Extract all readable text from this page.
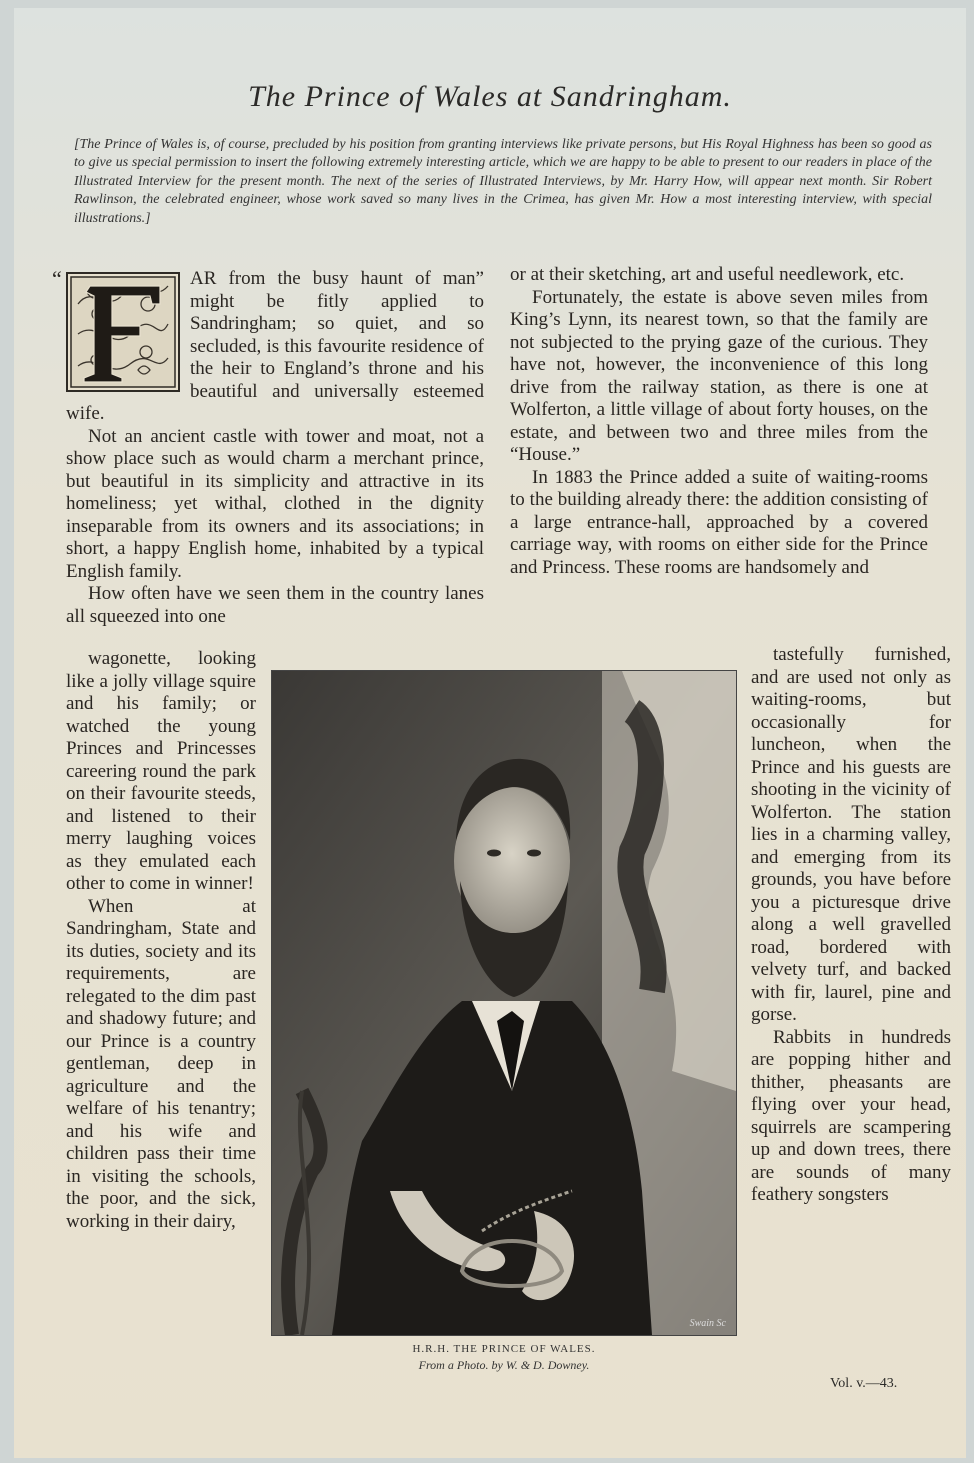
The Prince of Wales at Sandringham.
[The Prince of Wales is, of course, precluded by his position from granting interviews like private persons, but His Royal Highness has been so good as to give us special permission to insert the following extremely interesting article, which we are happy to be able to present to our readers in place of the Illustrated Interview for the present month. The next of the series of Illustrated Interviews, by Mr. Harry How, will appear next month. Sir Robert Rawlinson, the celebrated engineer, whose work saved so many lives in the Crimea, has given Mr. How a most interesting interview, with special illustrations.]
“	AR from the busy haunt of man” might be fitly applied to Sandringham; so quiet, and so secluded, is this favourite residence of the heir to England’s throne and his beautiful and universally esteemed wife.

Not an ancient castle with tower and moat, not a show place such as would charm a merchant prince, but beautiful in its simplicity and attractive in its homeliness; yet withal, clothed in the dignity inseparable from its owners and its associations; in short, a happy English home, inhabited by a typical English family.

How often have we seen them in the country lanes all squeezed into one

wagonette, looking like a jolly village squire and his family; or watched the young Princes and Princesses careering round the park on their favourite steeds, and listened to their merry laughing voices as they emulated each other to come in winner!

When at Sandringham, State and its duties, society and its requirements, are relegated to the dim past and shadowy future; and our Prince is a country gentleman, deep in agriculture and the welfare of his tenantry; and his wife and children pass their time in visiting the schools, the poor, and the sick, working in their dairy,

or at their sketching, art and useful needlework, etc.

Fortunately, the estate is above seven miles from King’s Lynn, its nearest town, so that the family are not subjected to the prying gaze of the curious. They have not, however, the inconvenience of this long drive from the railway station, as there is one at Wolferton, a little village of about forty houses, on the estate, and between two and three miles from the “House.”

In 1883 the Prince added a suite of waiting-rooms to the building already there: the addition consisting of a large entrance-hall, approached by a covered carriage way, with rooms on either side for the Prince and Princess. These rooms are handsomely and

tastefully furnished, and are used not only as waiting-rooms, but occasionally for luncheon, when the Prince and his guests are shooting in the vicinity of Wolferton. The station lies in a charming valley, and emerging from its grounds, you have before you a picturesque drive along a well gravelled road, bordered with velvety turf, and backed with fir, laurel, pine and gorse.

Rabbits in hundreds are popping hither and thither, pheasants are flying over your head, squirrels are scampering up and down trees, there are sounds of many feathery songsters

Swain Sc
H.R.H. THE PRINCE OF WALES.
From a Photo. by W. & D. Downey.
Vol. v.—43.
